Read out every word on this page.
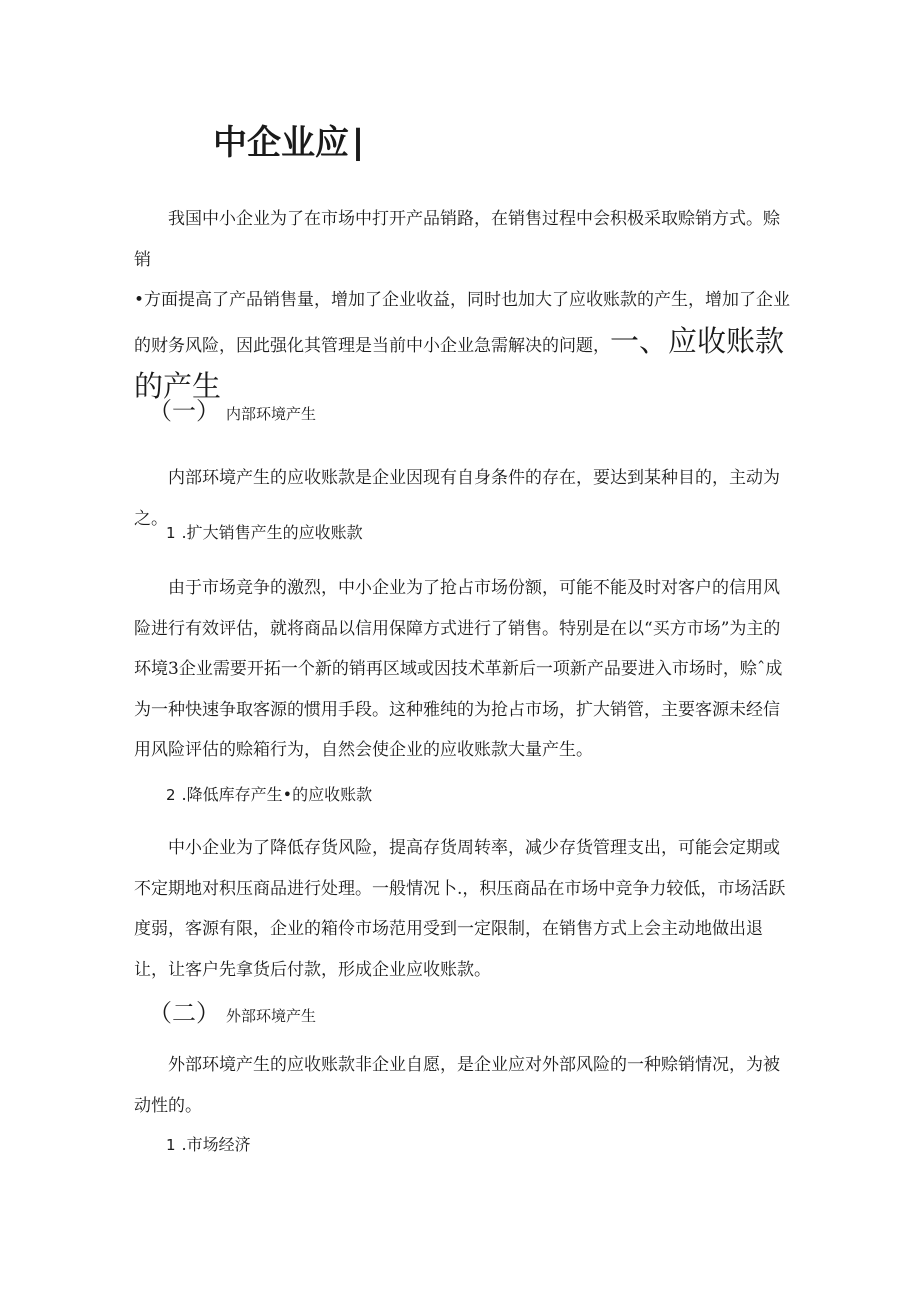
中企业应∣

我国中小企业为了在市场中打开产品销路，在销售过程中会积极采取赊销方式。赊销

•方面提高了产品销售量，增加了企业收益，同时也加大了应收账款的产生，增加了企业

的财务风险，因此强化其管理是当前中小企业急需解决的问题，一、应收账款

的产生

（一） 内部环境产生
内部环境产生的应收账款是企业因现有自身条件的存在，要达到某种目的，主动为之。
1 .扩大销售产生的应收账款
由于市场竞争的激烈，中小企业为了抢占市场份额，可能不能及时对客户的信用风险进行有效评估，就将商品以信用保障方式进行了销售。特别是在以“买方市场”为主的环境3企业需要开拓一个新的销再区域或因技术革新后一项新产品要进入市场时，赊ˆ成为一种快速争取客源的惯用手段。这种雅纯的为抢占市场，扩大销管，主要客源未经信用风险评估的赊箱行为，自然会使企业的应收账款大量产生。
2 .降低库存产生•的应收账款
中小企业为了降低存货风险，提高存货周转率，减少存货管理支出，可能会定期或不定期地对积压商品进行处理。一般情况卜.，积压商品在市场中竞争力较低，市场活跃度弱，客源有限，企业的箱伶市场范用受到一定限制，在销售方式上会主动地做出退让，让客户先拿货后付款，形成企业应收账款。
（二） 外部环境产生
外部环境产生的应收账款非企业自愿，是企业应对外部风险的一种赊销情况，为被动性的。
1 .市场经济
